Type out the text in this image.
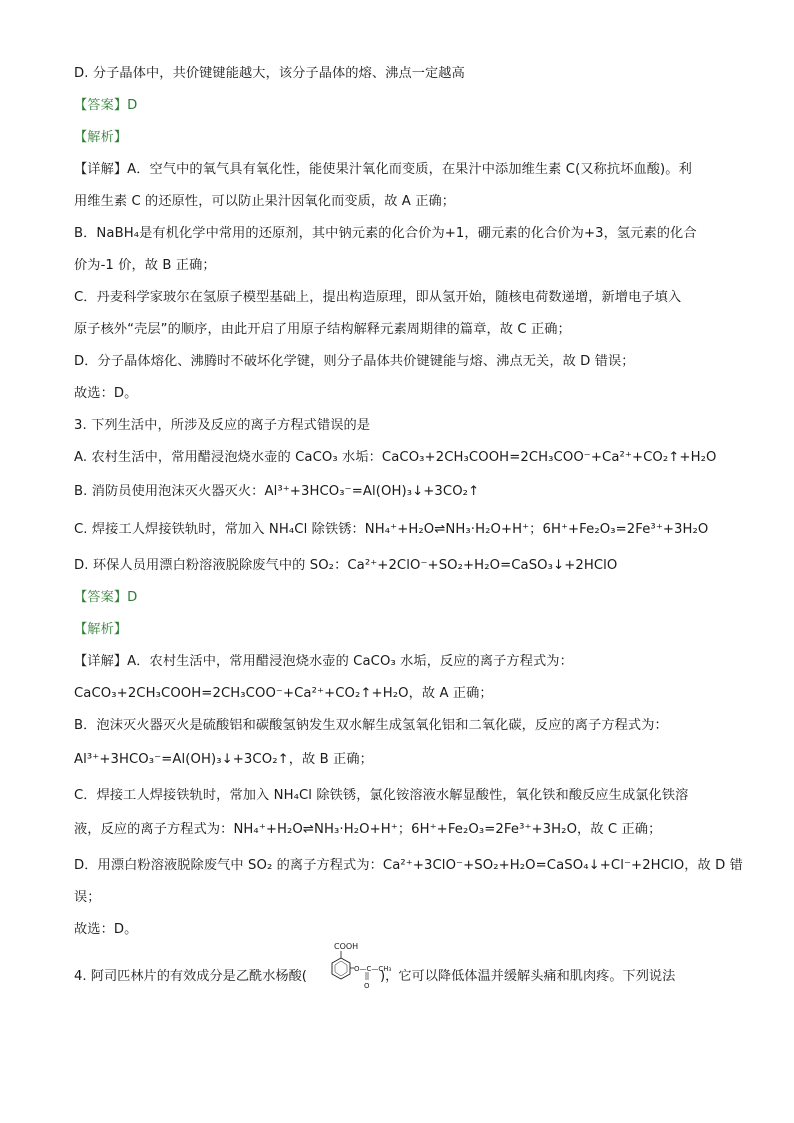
D. 分子晶体中，共价键键能越大，该分子晶体的熔、沸点一定越高
【答案】D
【解析】
【详解】A．空气中的氧气具有氧化性，能使果汁氧化而变质，在果汁中添加维生素 C(又称抗坏血酸)。利
用维生素 C 的还原性，可以防止果汁因氧化而变质，故 A 正确；
B．NaBH₄是有机化学中常用的还原剂，其中钠元素的化合价为+1，硼元素的化合价为+3，氢元素的化合
价为-1 价，故 B 正确；
C．丹麦科学家玻尔在氢原子模型基础上，提出构造原理，即从氢开始，随核电荷数递增，新增电子填入
原子核外“壳层”的顺序，由此开启了用原子结构解释元素周期律的篇章，故 C 正确；
D．分子晶体熔化、沸腾时不破坏化学键，则分子晶体共价键键能与熔、沸点无关，故 D 错误；
故选：D。
3. 下列生活中，所涉及反应的离子方程式错误的是
A. 农村生活中，常用醋浸泡烧水壶的 CaCO₃ 水垢：CaCO₃+2CH₃COOH=2CH₃COO⁻+Ca²⁺+CO₂↑+H₂O
B. 消防员使用泡沫灭火器灭火：Al³⁺+3HCO₃⁻=Al(OH)₃↓+3CO₂↑
C. 焊接工人焊接铁轨时，常加入 NH₄Cl 除铁锈：NH₄⁺+H₂O⇌NH₃·H₂O+H⁺；6H⁺+Fe₂O₃=2Fe³⁺+3H₂O
D. 环保人员用漂白粉溶液脱除废气中的 SO₂：Ca²⁺+2ClO⁻+SO₂+H₂O=CaSO₃↓+2HClO
【答案】D
【解析】
【详解】A．农村生活中，常用醋浸泡烧水壶的 CaCO₃ 水垢，反应的离子方程式为：
CaCO₃+2CH₃COOH=2CH₃COO⁻+Ca²⁺+CO₂↑+H₂O，故 A 正确；
B．泡沫灭火器灭火是硫酸铝和碳酸氢钠发生双水解生成氢氧化铝和二氧化碳，反应的离子方程式为：
Al³⁺+3HCO₃⁻=Al(OH)₃↓+3CO₂↑，故 B 正确；
C．焊接工人焊接铁轨时，常加入 NH₄Cl 除铁锈，氯化铵溶液水解显酸性，氧化铁和酸反应生成氯化铁溶
液，反应的离子方程式为：NH₄⁺+H₂O⇌NH₃·H₂O+H⁺；6H⁺+Fe₂O₃=2Fe³⁺+3H₂O，故 C 正确；
D．用漂白粉溶液脱除废气中 SO₂ 的离子方程式为：Ca²⁺+3ClO⁻+SO₂+H₂O=CaSO₄↓+Cl⁻+2HClO，故 D 错
误；
故选：D。
4. 阿司匹林片的有效成分是乙酰水杨酸(
COOH
O—C—CH₃
O
)，它可以降低体温并缓解头痛和肌肉疼。下列说法
